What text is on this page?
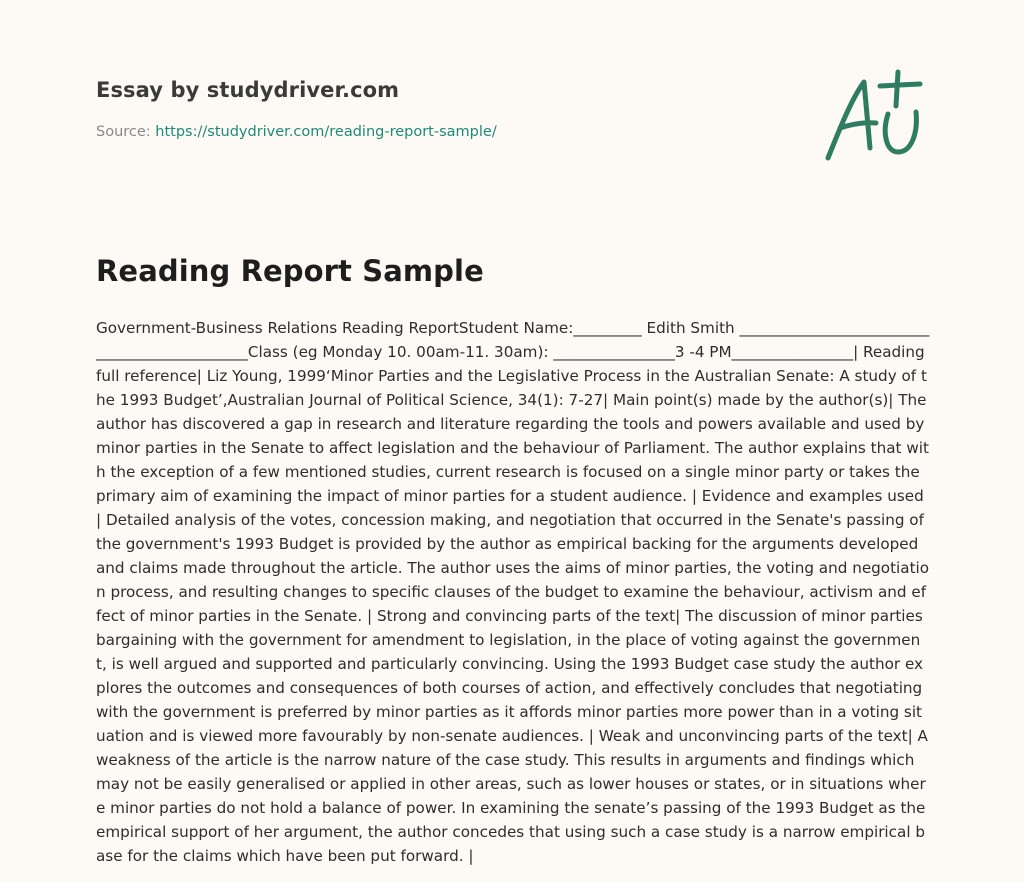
Essay by studydriver.com
Source: https://studydriver.com/reading-report-sample/
Reading Report Sample

Government-Business Relations Reading ReportStudent Name:_________ Edith Smith _____________________________________________Class (eg Monday 10. 00am-11. 30am): ________________3 -4 PM________________| Reading full reference| Liz Young, 1999‘Minor Parties and the Legislative Process in the Australian Senate: A study of the 1993 Budget’,Australian Journal of Political Science, 34(1): 7-27| Main point(s) made by the author(s)| The author has discovered a gap in research and literature regarding the tools and powers available and used by minor parties in the Senate to affect legislation and the behaviour of Parliament. The author explains that with the exception of a few mentioned studies, current research is focused on a single minor party or takes the primary aim of examining the impact of minor parties for a student audience. | Evidence and examples used | Detailed analysis of the votes, concession making, and negotiation that occurred in the Senate's passing of the government's 1993 Budget is provided by the author as empirical backing for the arguments developed and claims made throughout the article. The author uses the aims of minor parties, the voting and negotiation process, and resulting changes to specific clauses of the budget to examine the behaviour, activism and effect of minor parties in the Senate. | Strong and convincing parts of the text| The discussion of minor parties bargaining with the government for amendment to legislation, in the place of voting against the government, is well argued and supported and particularly convincing. Using the 1993 Budget case study the author explores the outcomes and consequences of both courses of action, and effectively concludes that negotiating with the government is preferred by minor parties as it affords minor parties more power than in a voting situation and is viewed more favourably by non-senate audiences. | Weak and unconvincing parts of the text| A weakness of the article is the narrow nature of the case study. This results in arguments and findings which may not be easily generalised or applied in other areas, such as lower houses or states, or in situations where minor parties do not hold a balance of power. In examining the senate’s passing of the 1993 Budget as the empirical support of her argument, the author concedes that using such a case study is a narrow empirical base for the claims which have been put forward. |
